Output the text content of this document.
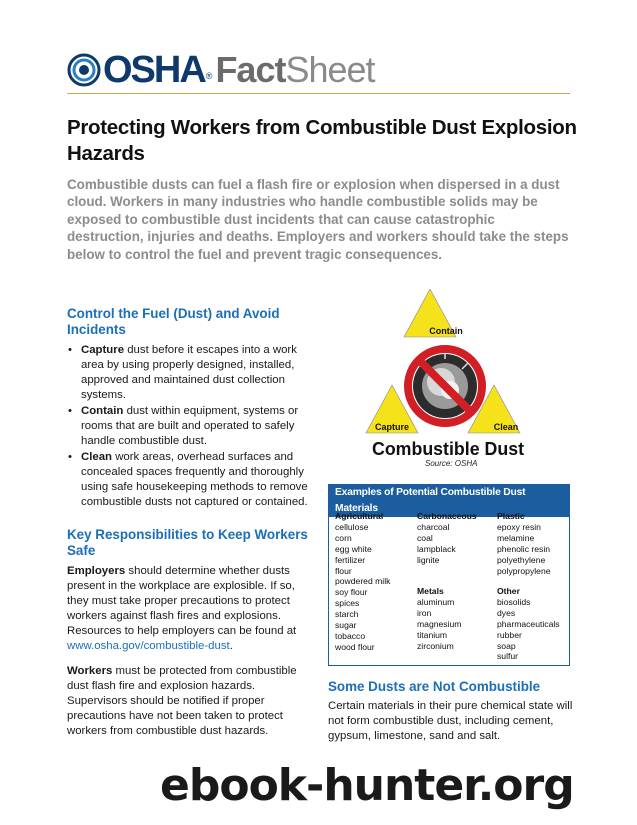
OSHA ® Fact Sheet
Protecting Workers from Combustible Dust Explosion Hazards

Combustible dusts can fuel a flash fire or explosion when dispersed in a dust cloud. Workers in many industries who handle combustible solids may be exposed to combustible dust incidents that can cause catastrophic destruction, injuries and deaths. Employers and workers should take the steps below to control the fuel and prevent tragic consequences.

Control the Fuel (Dust) and Avoid Incidents
• Capture dust before it escapes into a work area by using properly designed, installed, approved and maintained dust collection systems.
• Contain dust within equipment, systems or rooms that are built and operated to safely handle combustible dust.
• Clean work areas, overhead surfaces and concealed spaces frequently and thoroughly using safe housekeeping methods to remove combustible dusts not captured or contained.
Key Responsibilities to Keep Workers Safe

Employers should determine whether dusts present in the workplace are explosible. If so, they must take proper precautions to protect workers against flash fires and explosions. Resources to help employers can be found at www.osha.gov/combustible-dust.

Workers must be protected from combustible dust flash fire and explosion hazards. Supervisors should be notified if proper precautions have not been taken to protect workers from combustible dust hazards.

Contain
Capture	Clean
Combustible Dust
Source: OSHA
Examples of Potential Combustible Dust Materials
Agricultural
cellulose
corn
egg white
fertilizer
flour
powdered milk
soy flour
spices
starch
sugar
tobacco
wood flour
Carbonaceous
charcoal
coal
lampblack
lignite
Metals
aluminum
iron
magnesium
titanium
zirconium
Plastic
epoxy resin
melamine
phenolic resin
polyethylene
polypropylene
Other
biosolids
dyes
pharmaceuticals
rubber
soap
sulfur
Some Dusts are Not Combustible

Certain materials in their pure chemical state will not form combustible dust, including cement, gypsum, limestone, sand and salt.

ebook-hunter.org
